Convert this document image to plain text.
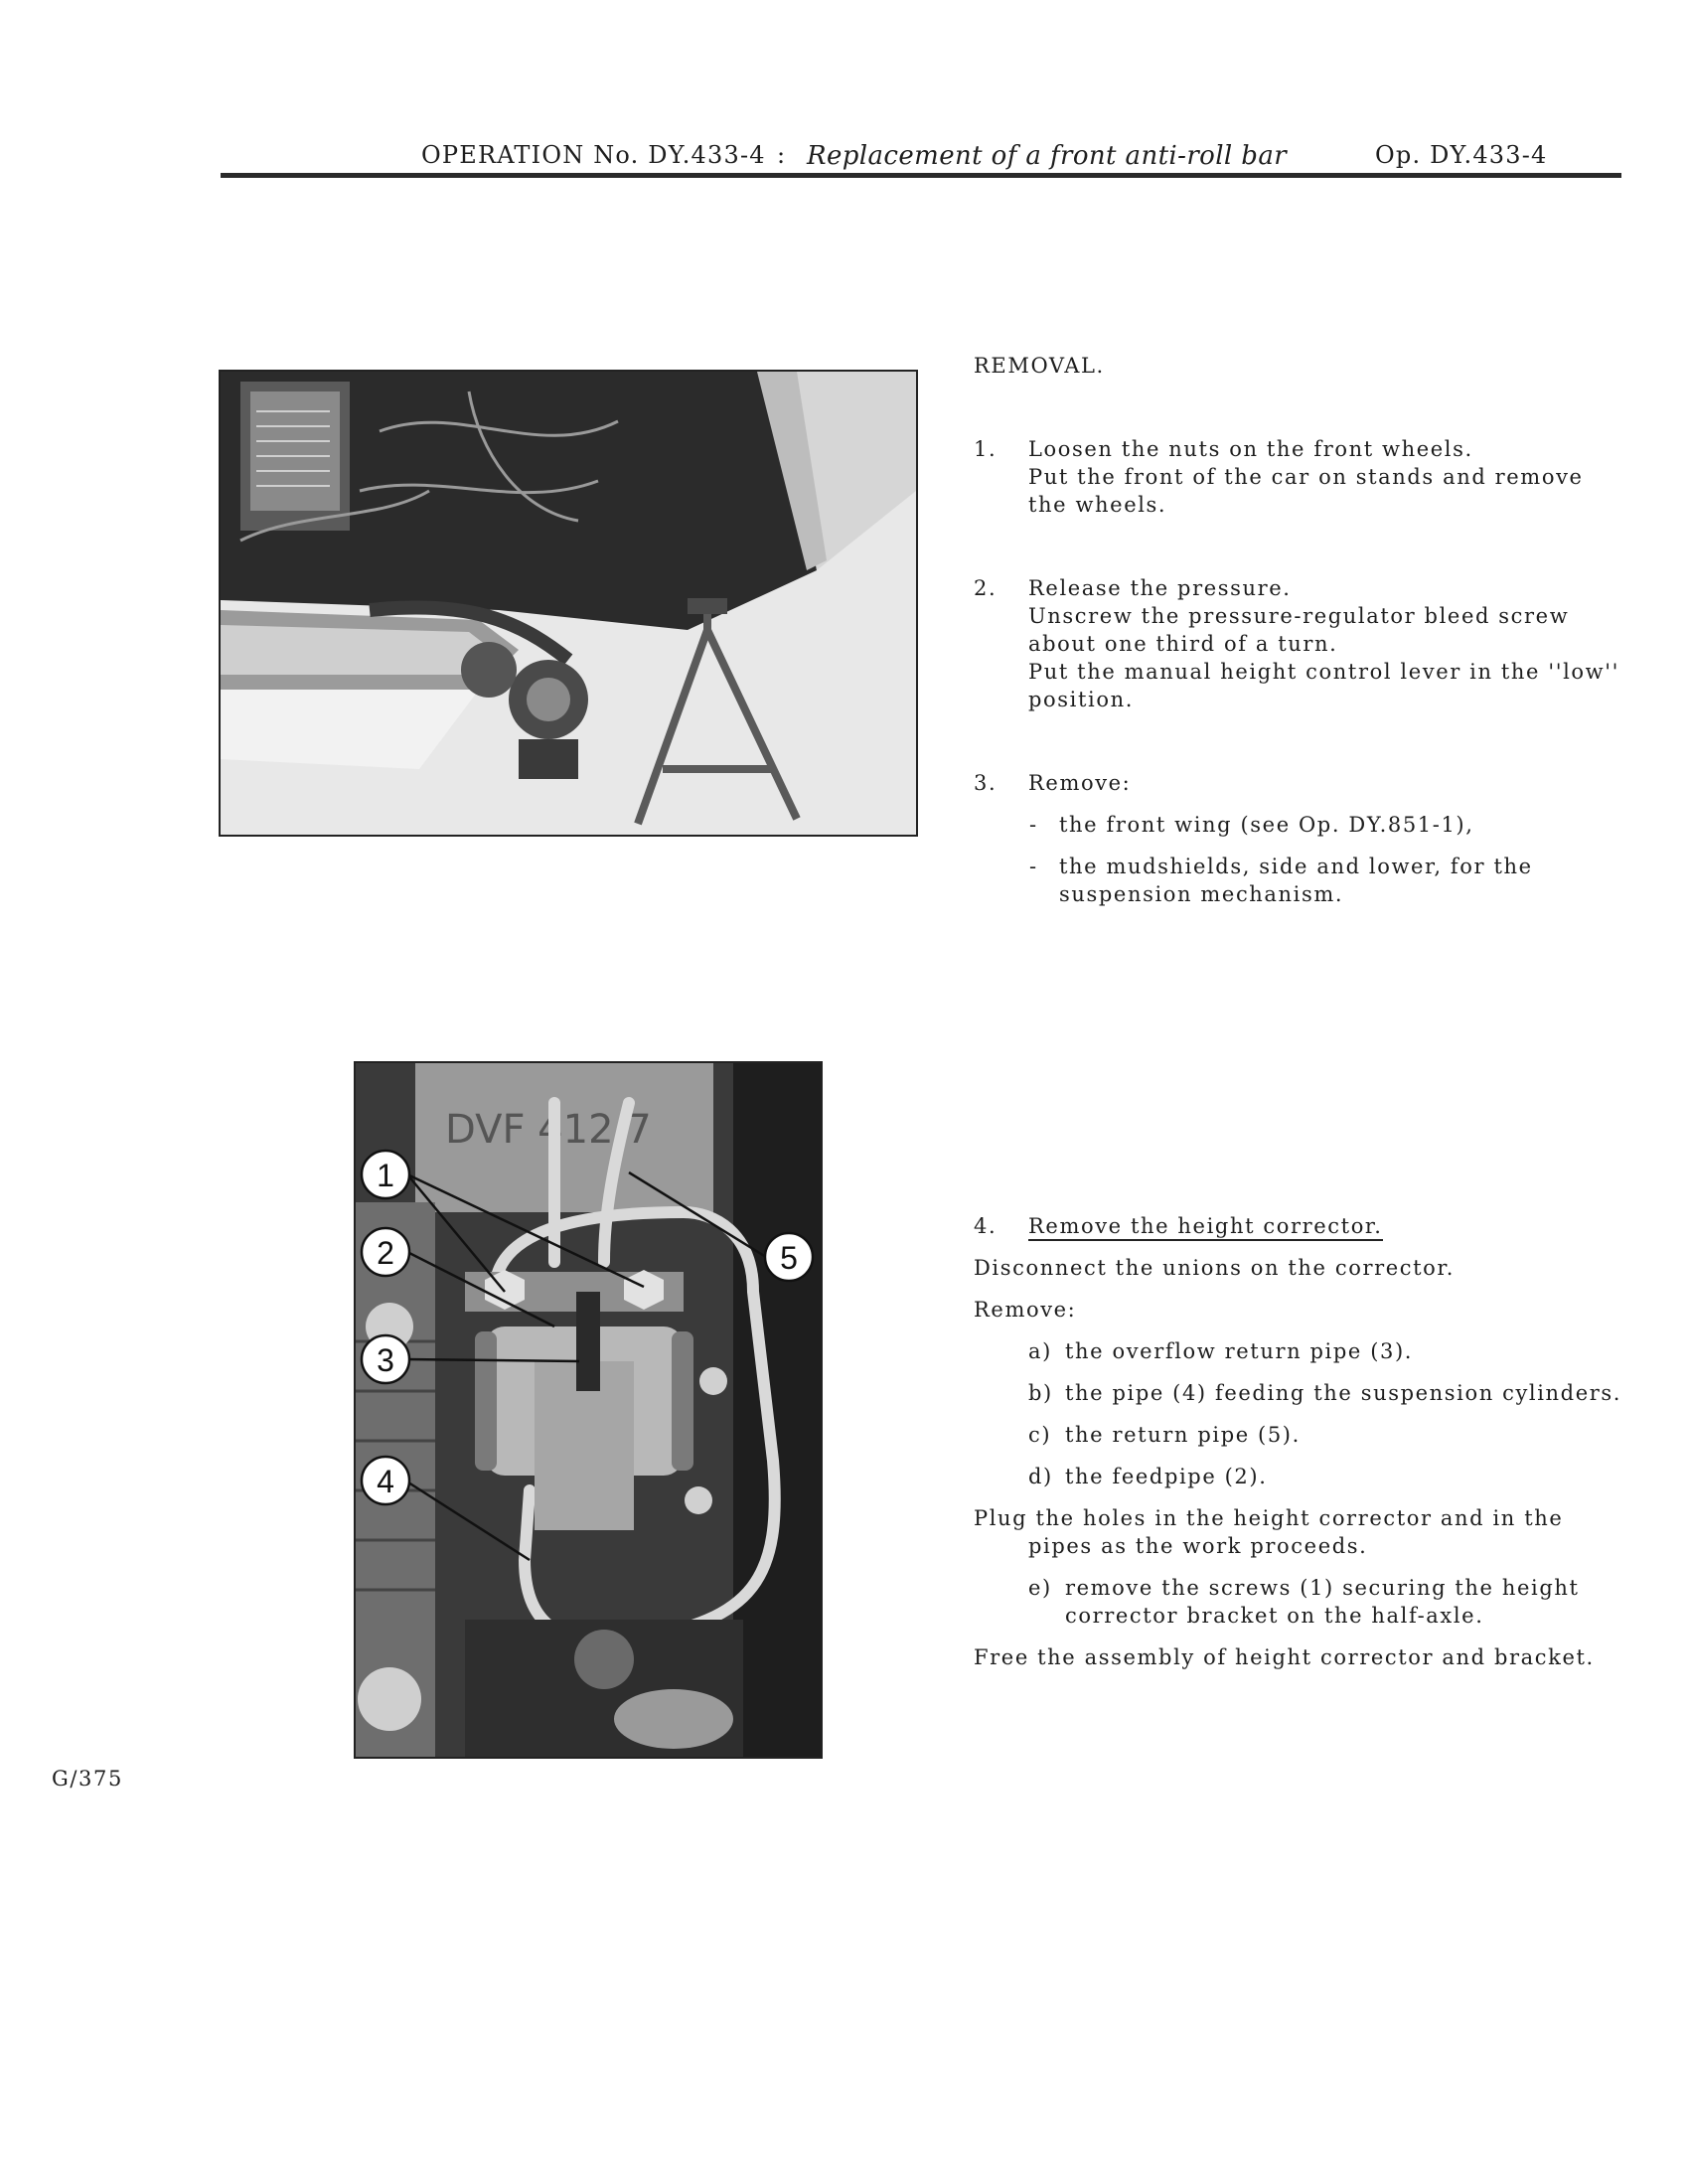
OPERATION No. DY.433-4 : Replacement of a front anti-roll bar	Op. DY.433-4
REMOVAL.
1. Loosen the nuts on the front wheels.
Put the front of the car on stands and remove
the wheels.
2. Release the pressure.
Unscrew the pressure-regulator bleed screw
about one third of a turn.
Put the manual height control lever in the ''low''
position.
3. Remove:
- the front wing (see Op. DY.851-1),
- the mudshields, side and lower, for the
suspension mechanism.
DVF 412 7
1
2
3
4
5
4. Remove the height corrector.
Disconnect the unions on the corrector.
Remove:
a) the overflow return pipe (3).
b) the pipe (4) feeding the suspension cylinders.
c) the return pipe (5).
d) the feedpipe (2).
Plug the holes in the height corrector and in the
pipes as the work proceeds.
e) remove the screws (1) securing the height
corrector bracket on the half-axle.
Free the assembly of height corrector and bracket.
G/375
